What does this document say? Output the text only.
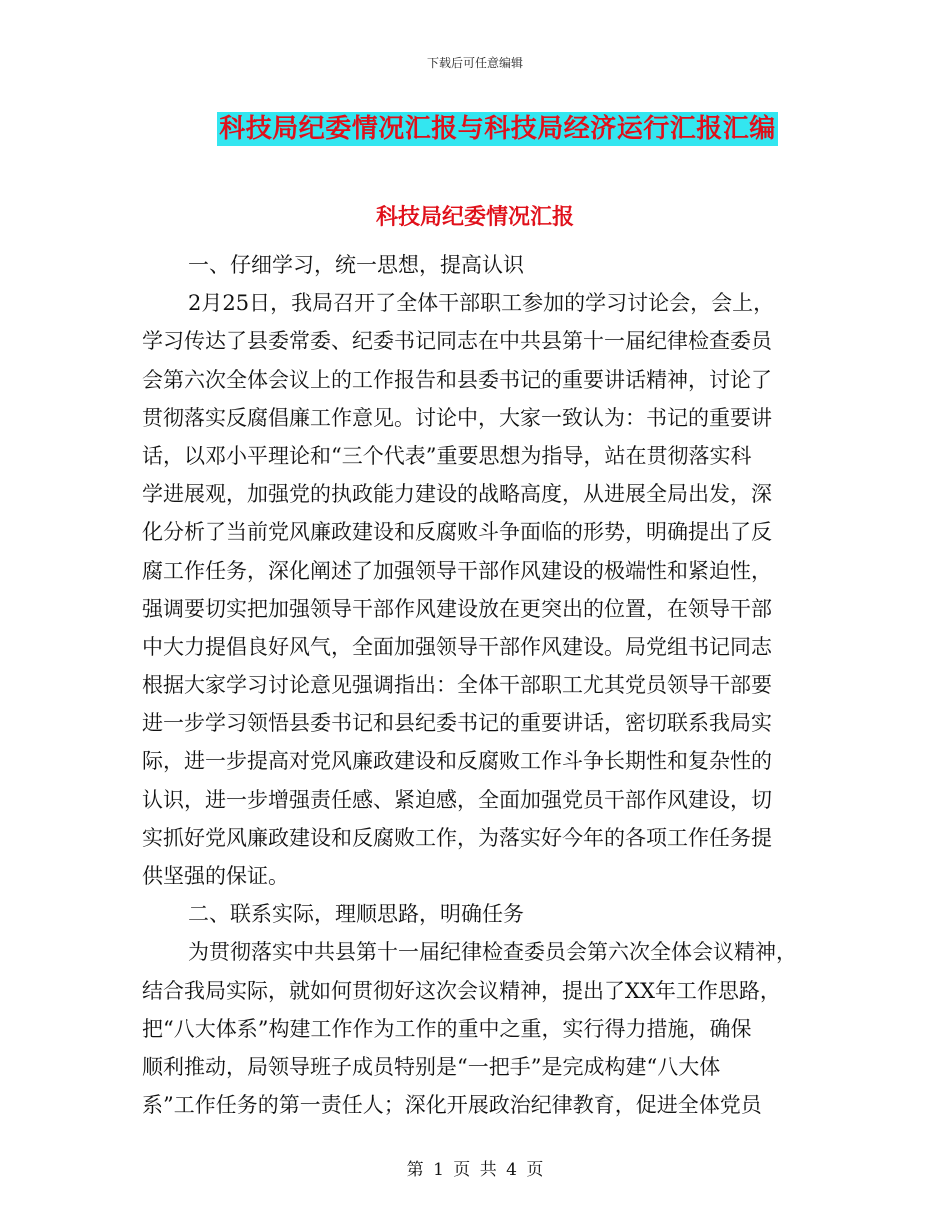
下载后可任意编辑
科技局纪委情况汇报与科技局经济运行汇报汇编
科技局纪委情况汇报
一、仔细学习，统一思想，提高认识
2月25日，我局召开了全体干部职工参加的学习讨论会，会上，
学习传达了县委常委、纪委书记同志在中共县第十一届纪律检查委员
会第六次全体会议上的工作报告和县委书记的重要讲话精神，讨论了
贯彻落实反腐倡廉工作意见。讨论中，大家一致认为：书记的重要讲
话，以邓小平理论和“三个代表”重要思想为指导，站在贯彻落实科
学进展观，加强党的执政能力建设的战略高度，从进展全局出发，深
化分析了当前党风廉政建设和反腐败斗争面临的形势，明确提出了反
腐工作任务，深化阐述了加强领导干部作风建设的极端性和紧迫性，
强调要切实把加强领导干部作风建设放在更突出的位置，在领导干部
中大力提倡良好风气，全面加强领导干部作风建设。局党组书记同志
根据大家学习讨论意见强调指出：全体干部职工尤其党员领导干部要
进一步学习领悟县委书记和县纪委书记的重要讲话，密切联系我局实
际，进一步提高对党风廉政建设和反腐败工作斗争长期性和复杂性的
认识，进一步增强责任感、紧迫感，全面加强党员干部作风建设，切
实抓好党风廉政建设和反腐败工作，为落实好今年的各项工作任务提
供坚强的保证。
二、联系实际，理顺思路，明确任务
为贯彻落实中共县第十一届纪律检查委员会第六次全体会议精神，
结合我局实际，就如何贯彻好这次会议精神，提出了XX年工作思路，
把“八大体系”构建工作作为工作的重中之重，实行得力措施，确保
顺利推动，局领导班子成员特别是“一把手”是完成构建“八大体
系”工作任务的第一责任人；深化开展政治纪律教育，促进全体党员
第 1 页 共 4 页
